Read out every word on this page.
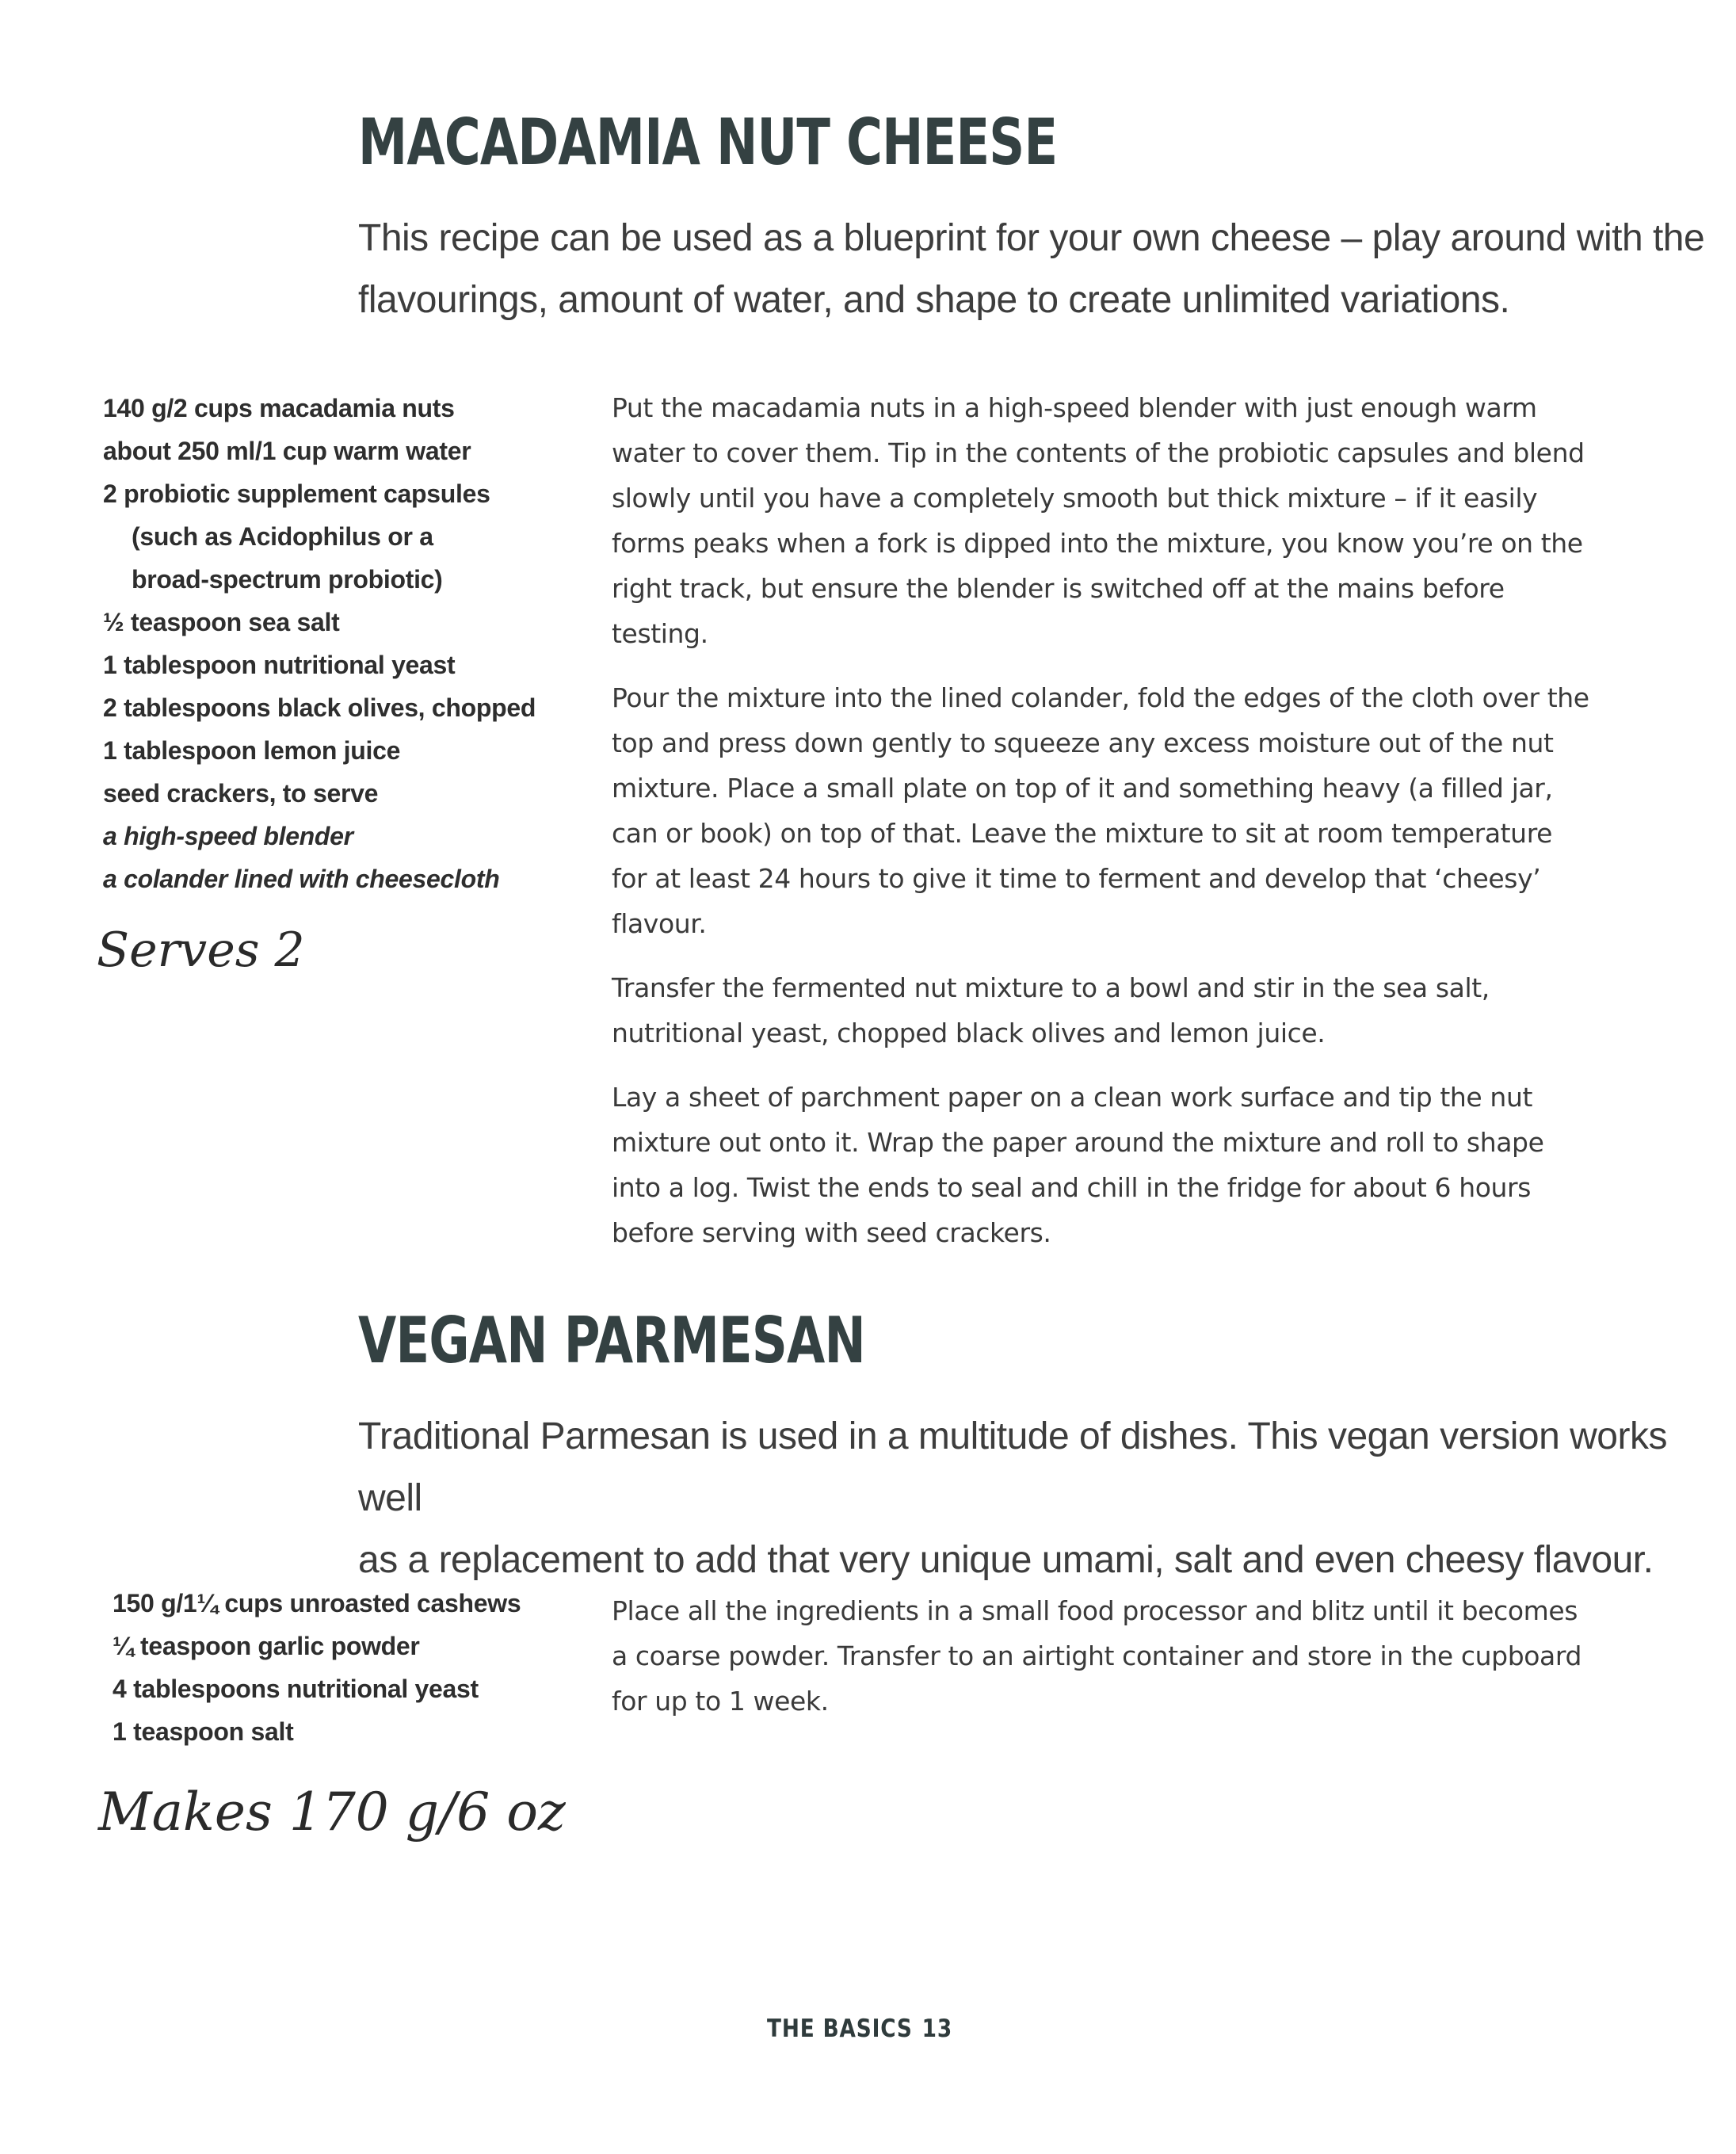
MACADAMIA NUT CHEESE

This recipe can be used as a blueprint for your own cheese – play around with the
flavourings, amount of water, and shape to create unlimited variations.

140 g/2 cups macadamia nuts
about 250 ml/1 cup warm water
2 probiotic supplement capsules
(such as Acidophilus or a
broad-spectrum probiotic)
½ teaspoon sea salt
1 tablespoon nutritional yeast
2 tablespoons black olives, chopped
1 tablespoon lemon juice
seed crackers, to serve
a high-speed blender
a colander lined with cheesecloth

Serves 2

Put the macadamia nuts in a high-speed blender with just enough warm water to cover them. Tip in the contents of the probiotic capsules and blend slowly until you have a completely smooth but thick mixture – if it easily forms peaks when a fork is dipped into the mixture, you know you’re on the right track, but ensure the blender is switched off at the mains before testing.

Pour the mixture into the lined colander, fold the edges of the cloth over the top and press down gently to squeeze any excess moisture out of the nut mixture. Place a small plate on top of it and something heavy (a filled jar, can or book) on top of that. Leave the mixture to sit at room temperature for at least 24 hours to give it time to ferment and develop that ‘cheesy’ flavour.

Transfer the fermented nut mixture to a bowl and stir in the sea salt, nutritional yeast, chopped black olives and lemon juice.

Lay a sheet of parchment paper on a clean work surface and tip the nut mixture out onto it. Wrap the paper around the mixture and roll to shape into a log. Twist the ends to seal and chill in the fridge for about 6 hours before serving with seed crackers.

VEGAN PARMESAN

Traditional Parmesan is used in a multitude of dishes. This vegan version works well
as a replacement to add that very unique umami, salt and even cheesy flavour.

150 g/1¼ cups unroasted cashews
¼ teaspoon garlic powder
4 tablespoons nutritional yeast
1 teaspoon salt

Makes 170 g/6 oz

Place all the ingredients in a small food processor and blitz until it becomes a coarse powder. Transfer to an airtight container and store in the cupboard for up to 1 week.

THE BASICS 13
